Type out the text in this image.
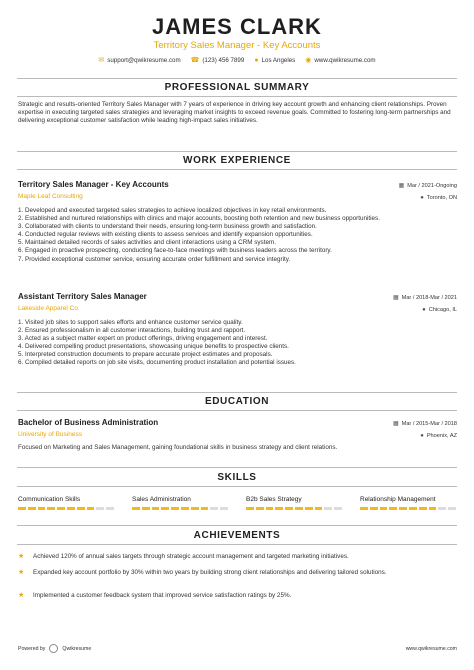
JAMES CLARK
Territory Sales Manager - Key Accounts
✉ support@qwikresume.com ☎ (123) 456 7899 ● Los Angeles ◉ www.qwikresume.com
PROFESSIONAL SUMMARY
Strategic and results-oriented Territory Sales Manager with 7 years of experience in driving key account growth and enhancing client relationships. Proven expertise in executing targeted sales strategies and leveraging market insights to exceed revenue goals. Committed to fostering long-term partnerships and delivering exceptional customer satisfaction while leading high-impact sales initiatives.
WORK EXPERIENCE
Territory Sales Manager - Key Accounts	▦ Mar / 2021-Ongoing
Maple Leaf Consulting	● Toronto, ON
1. Developed and executed targeted sales strategies to achieve localized objectives in key retail environments.
2. Established and nurtured relationships with clinics and major accounts, boosting both retention and new business opportunities.
3. Collaborated with clients to understand their needs, ensuring long-term business growth and satisfaction.
4. Conducted regular reviews with existing clients to assess services and identify expansion opportunities.
5. Maintained detailed records of sales activities and client interactions using a CRM system.
6. Engaged in proactive prospecting, conducting face-to-face meetings with business leaders across the territory.
7. Provided exceptional customer service, ensuring accurate order fulfillment and service integrity.
Assistant Territory Sales Manager	▦ Mar / 2018-Mar / 2021
Lakeside Apparel Co	● Chicago, IL
1. Visited job sites to support sales efforts and enhance customer service quality.
2. Ensured professionalism in all customer interactions, building trust and rapport.
3. Acted as a subject matter expert on product offerings, driving engagement and interest.
4. Delivered compelling product presentations, showcasing unique benefits to prospective clients.
5. Interpreted construction documents to prepare accurate project estimates and proposals.
6. Compiled detailed reports on job site visits, documenting product installation and potential issues.
EDUCATION
Bachelor of Business Administration	▦ Mar / 2015-Mar / 2018
University of Business	● Phoenix, AZ
Focused on Marketing and Sales Management, gaining foundational skills in business strategy and client relations.
SKILLS
Communication Skills	Sales Administration	B2b Sales Strategy	Relationship Management
ACHIEVEMENTS
★	Achieved 120% of annual sales targets through strategic account management and targeted marketing initiatives.
★	Expanded key account portfolio by 30% within two years by building strong client relationships and delivering tailored solutions.
★	Implemented a customer feedback system that improved service satisfaction ratings by 25%.
Powered by	Qwikresume	www.qwikresume.com
